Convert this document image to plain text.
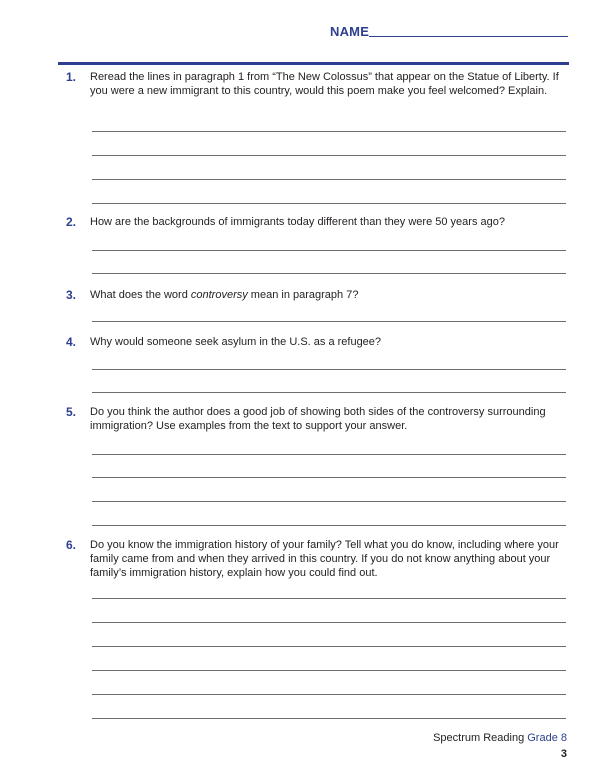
NAME
1.	Reread the lines in paragraph 1 from “The New Colossus” that appear on the Statue of Liberty. If you were a new immigrant to this country, would this poem make you feel welcomed? Explain.
2.	How are the backgrounds of immigrants today different than they were 50 years ago?
3.	What does the word controversy mean in paragraph 7?
4.	Why would someone seek asylum in the U.S. as a refugee?
5.	Do you think the author does a good job of showing both sides of the controversy surrounding immigration? Use examples from the text to support your answer.
6.	Do you know the immigration history of your family? Tell what you do know, including where your family came from and when they arrived in this country. If you do not know anything about your family’s immigration history, explain how you could find out.
Spectrum Reading Grade 8
3
